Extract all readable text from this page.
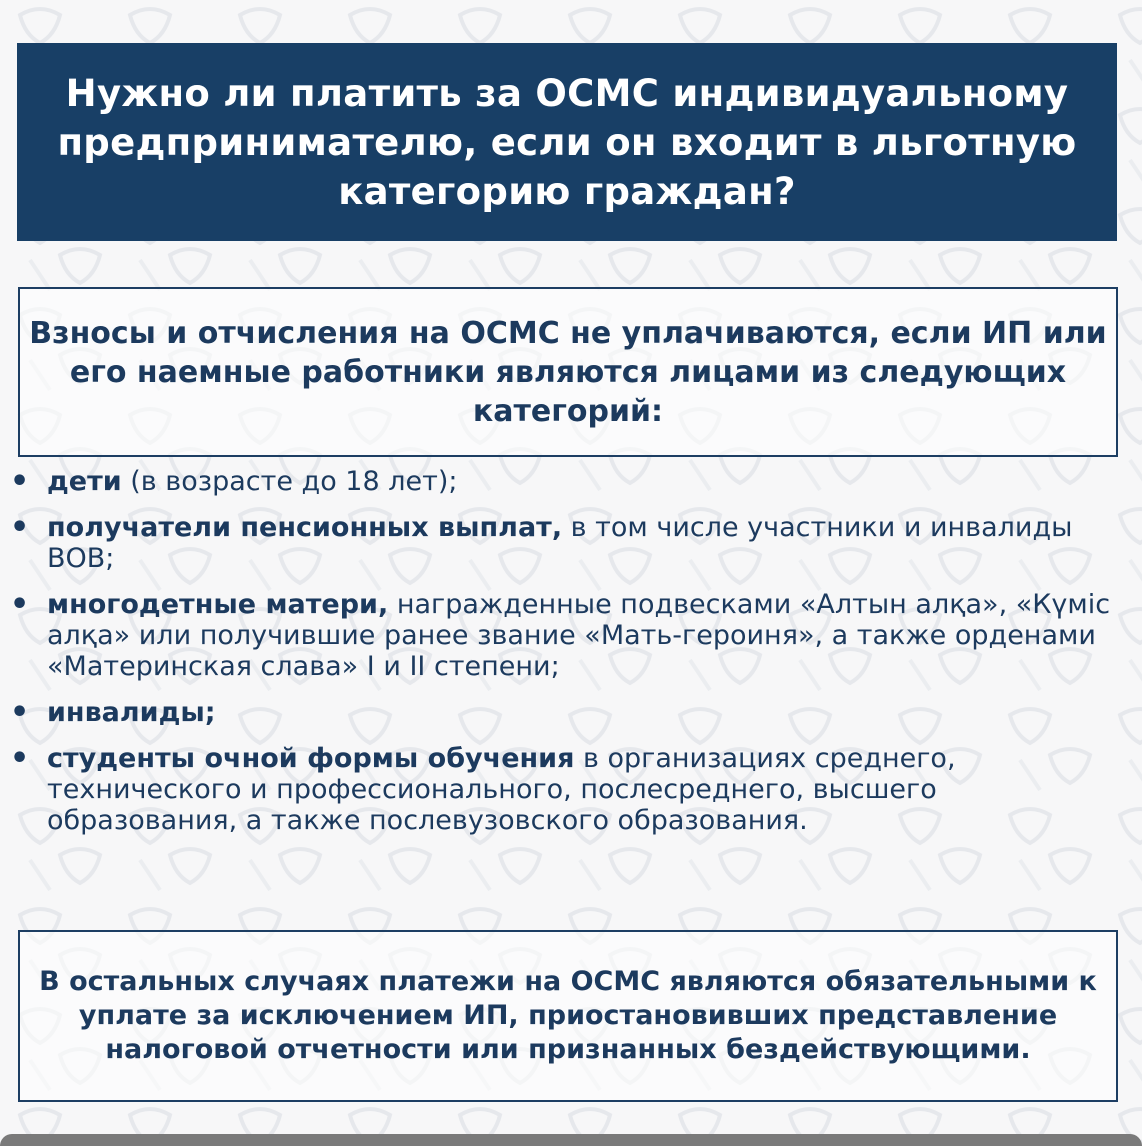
Нужно ли платить за ОСМС индивидуальному предпринимателю, если он входит в льготную категорию граждан?

Взносы и отчисления на ОСМС не уплачиваются, если ИП или его наемные работники являются лицами из следующих категорий:

• дети (в возрасте до 18 лет);
• получатели пенсионных выплат, в том числе участники и инвалиды ВОВ;
• многодетные матери, награжденные подвесками «Алтын алқа», «Күміс алқа» или получившие ранее звание «Мать-героиня», а также орденами «Материнская слава» I и II степени;
• инвалиды;
• студенты очной формы обучения в организациях среднего, технического и профессионального, послесреднего, высшего образования, а также послевузовского образования.

В остальных случаях платежи на ОСМС являются обязательными к уплате за исключением ИП, приостановивших представление налоговой отчетности или признанных бездействующими.
